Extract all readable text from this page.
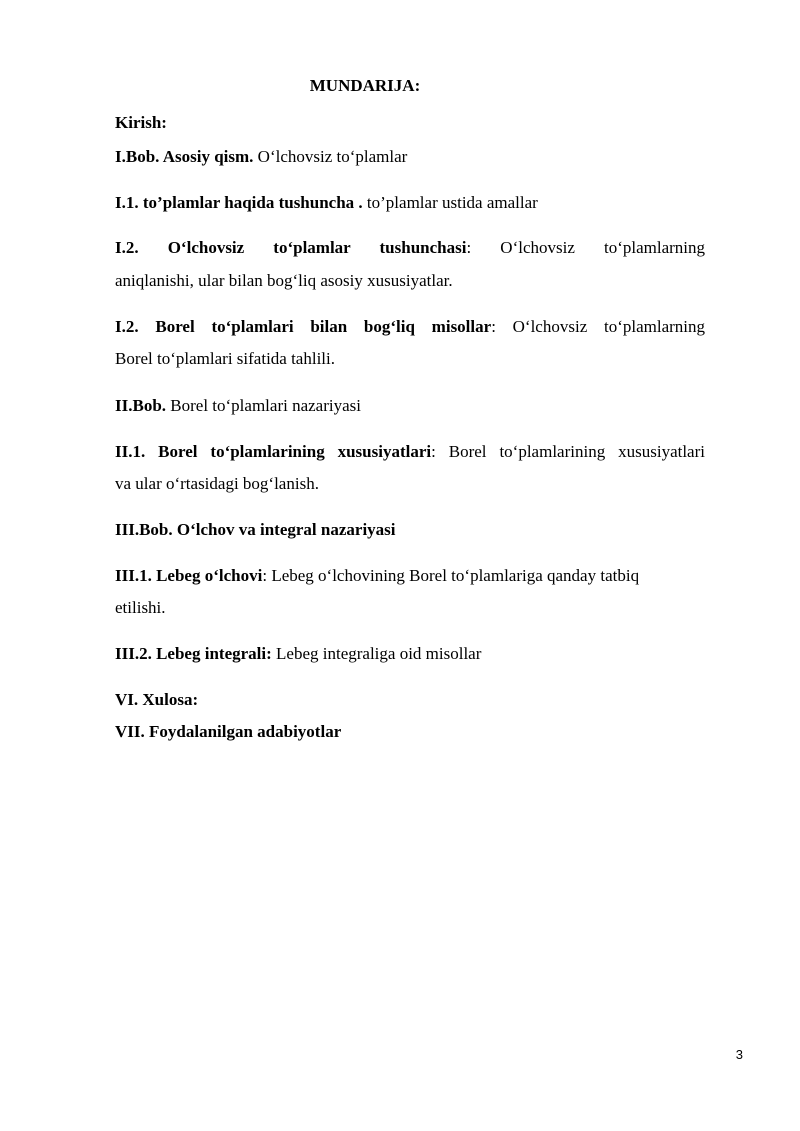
MUNDARIJA:
Kirish:
I.Bob. Asosiy qism. O‘lchovsiz to‘plamlar
I.1. to’plamlar haqida tushuncha . to’plamlar ustida amallar
I.2. O‘lchovsiz to‘plamlar tushunchasi: O‘lchovsiz to‘plamlarning
aniqlanishi, ular bilan bog‘liq asosiy xususiyatlar.
I.2. Borel to‘plamlari bilan bog‘liq misollar: O‘lchovsiz to‘plamlarning
Borel to‘plamlari sifatida tahlili.
II.Bob. Borel to‘plamlari nazariyasi
II.1. Borel to‘plamlarining xususiyatlari: Borel to‘plamlarining xususiyatlari
va ular o‘rtasidagi bog‘lanish.
III.Bob. O‘lchov va integral nazariyasi
III.1. Lebeg o‘lchovi: Lebeg o‘lchovining Borel to‘plamlariga qanday tatbiq
etilishi.
III.2. Lebeg integrali: Lebeg integraliga oid misollar
VI. Xulosa:
VII. Foydalanilgan adabiyotlar
3
